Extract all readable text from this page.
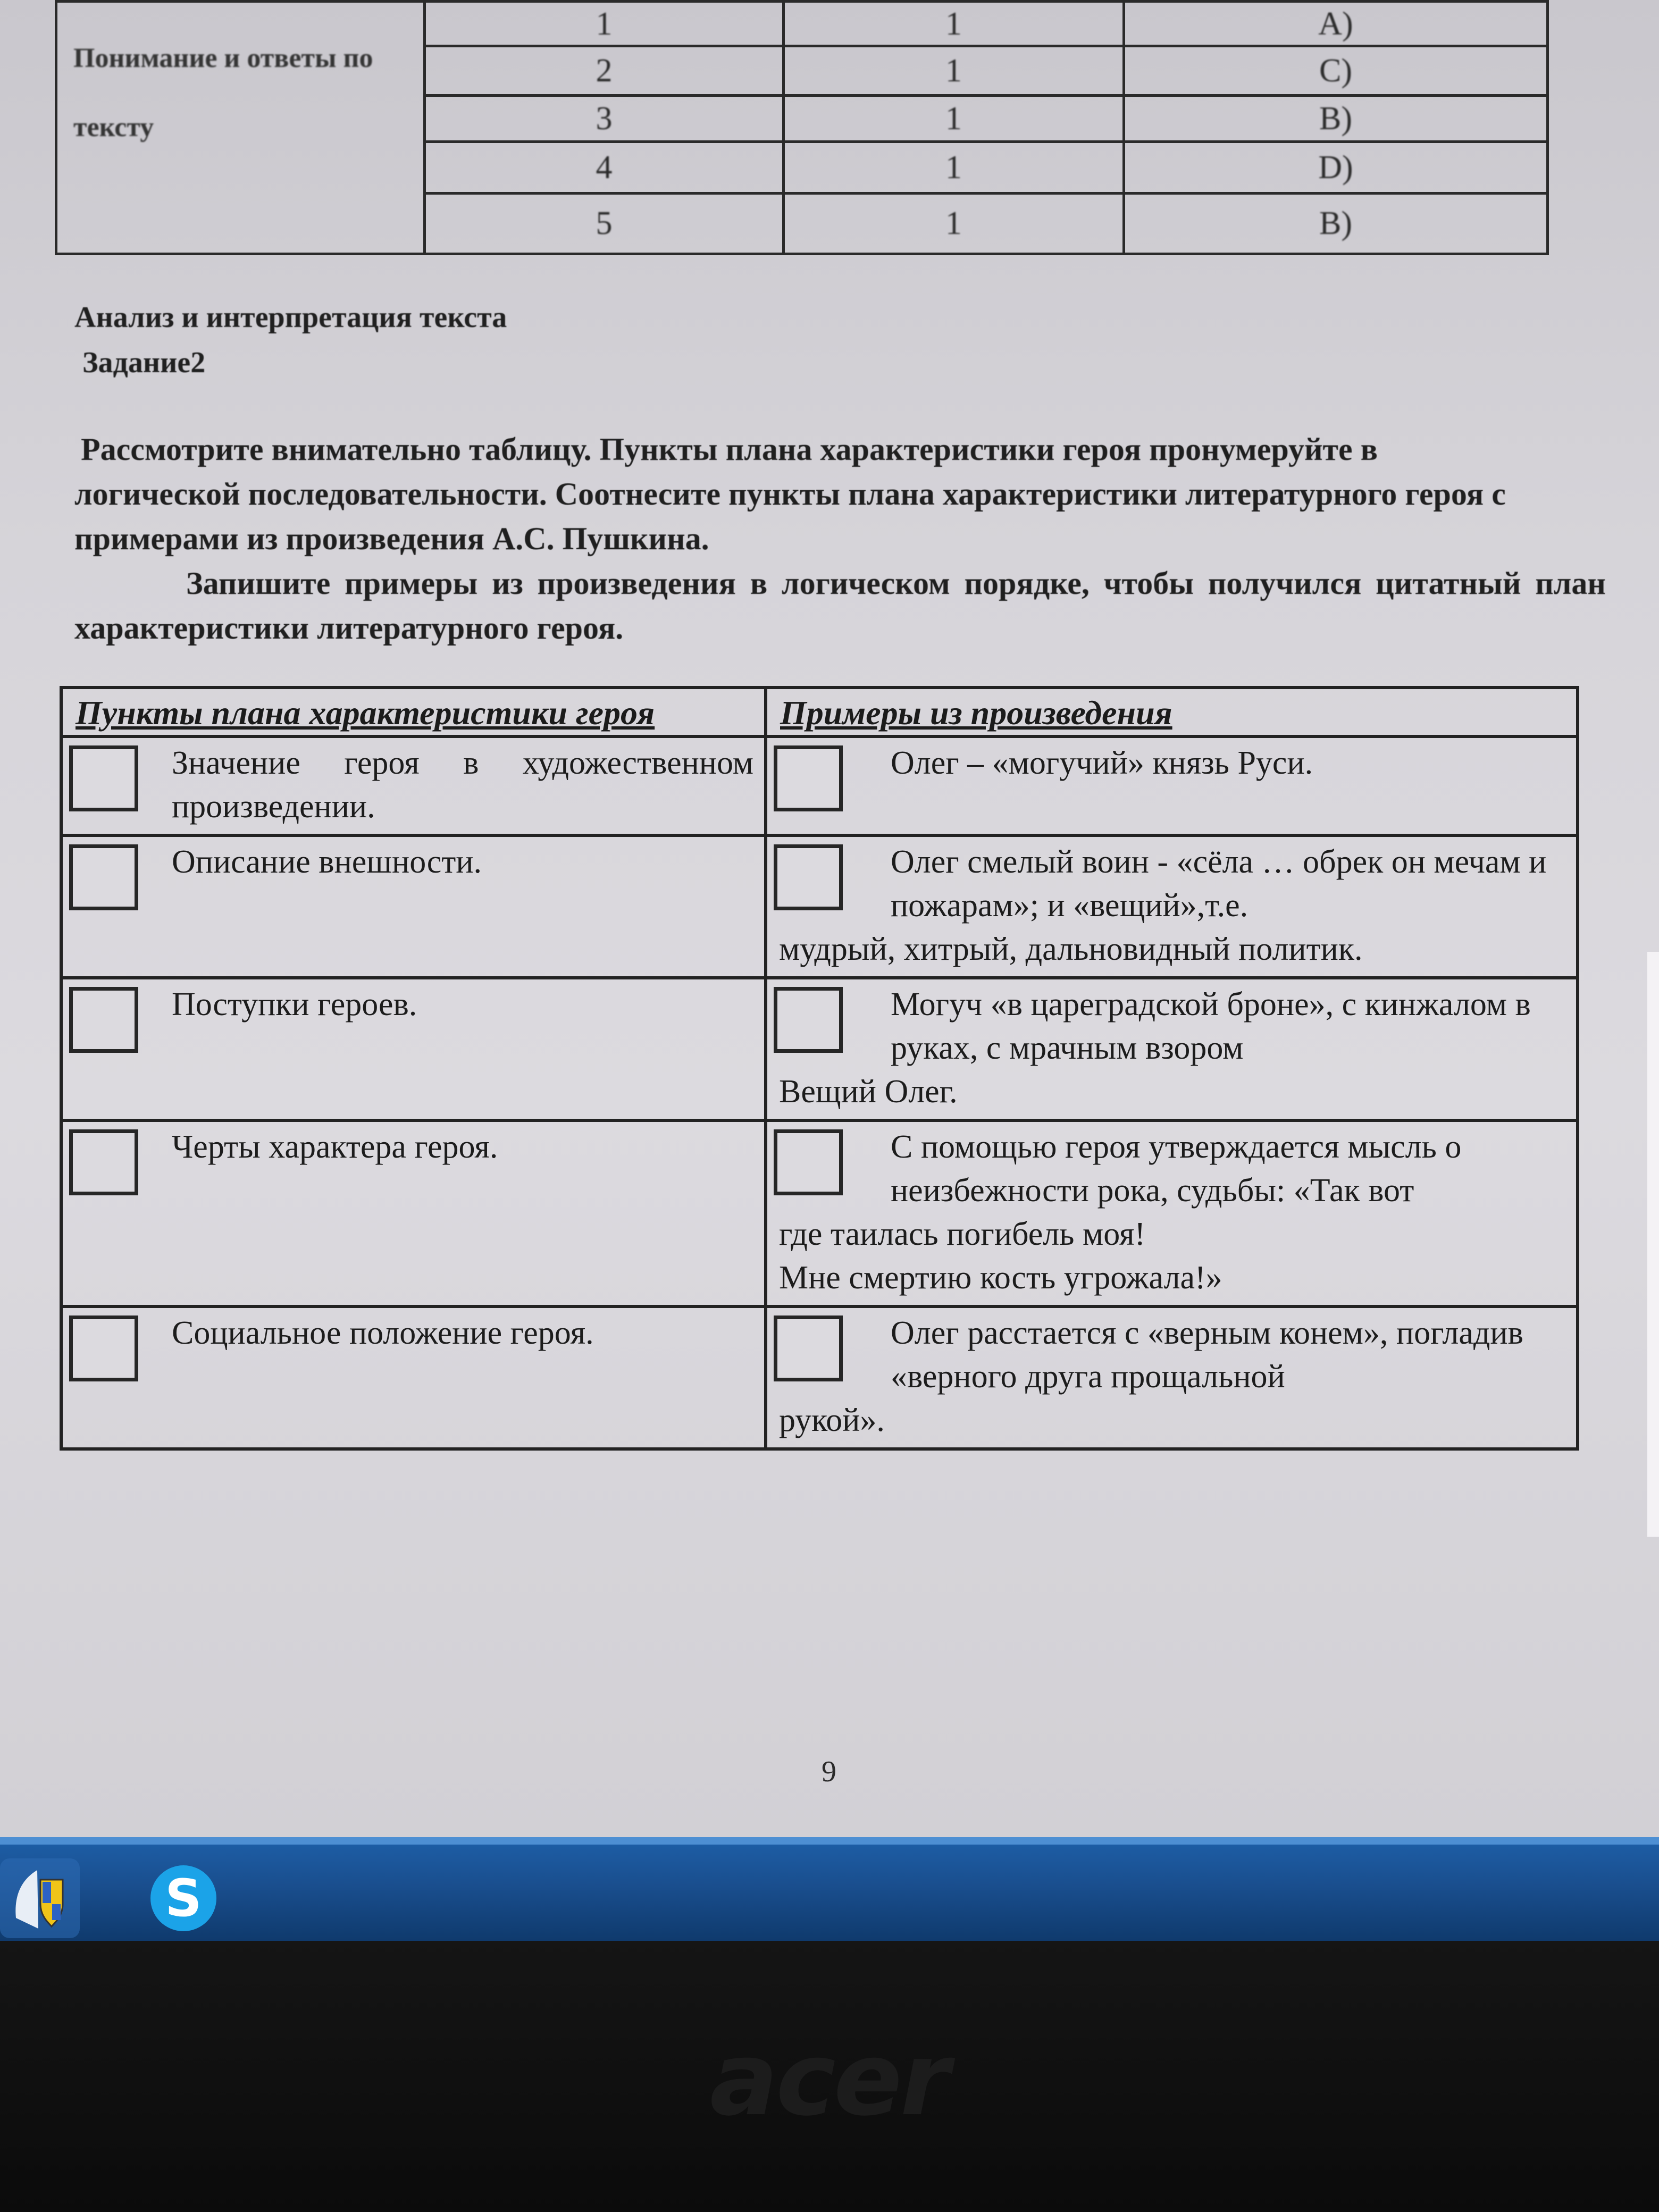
Понимание и ответы по тексту	1	1	A)
	2	1	C)
	3	1	B)
	4	1	D)
	5	1	B)
Анализ и интерпретация текста
Задание2
Рассмотрите внимательно таблицу. Пункты плана характеристики героя пронумеруйте в логической последовательности. Соотнесите пункты плана характеристики литературного героя с примерами из произведения А.С. Пушкина.
Запишите примеры из произведения в логическом порядке, чтобы получился цитатный план характеристики литературного героя.
Пункты плана характеристики героя	Примеры из произведения

Значение героя в художественном произведении.	Олег – «могучий» князь Руси.

Описание внешности.	Олег смелый воин - «сёла … обрек он мечам и пожарам»; и «вещий»,т.е.
мудрый, хитрый, дальновидный политик.

Поступки героев.	Могуч «в цареградской броне», с кинжалом в руках, с мрачным взором
Вещий Олег.

Черты характера героя.	С помощью героя утверждается мысль о неизбежности рока, судьбы: «Так вот
где таилась погибель моя!
Мне смертию кость угрожала!»

Социальное положение героя.	Олег расстается с «верным конем», погладив «верного друга прощальной
рукой».
9
S
acer
